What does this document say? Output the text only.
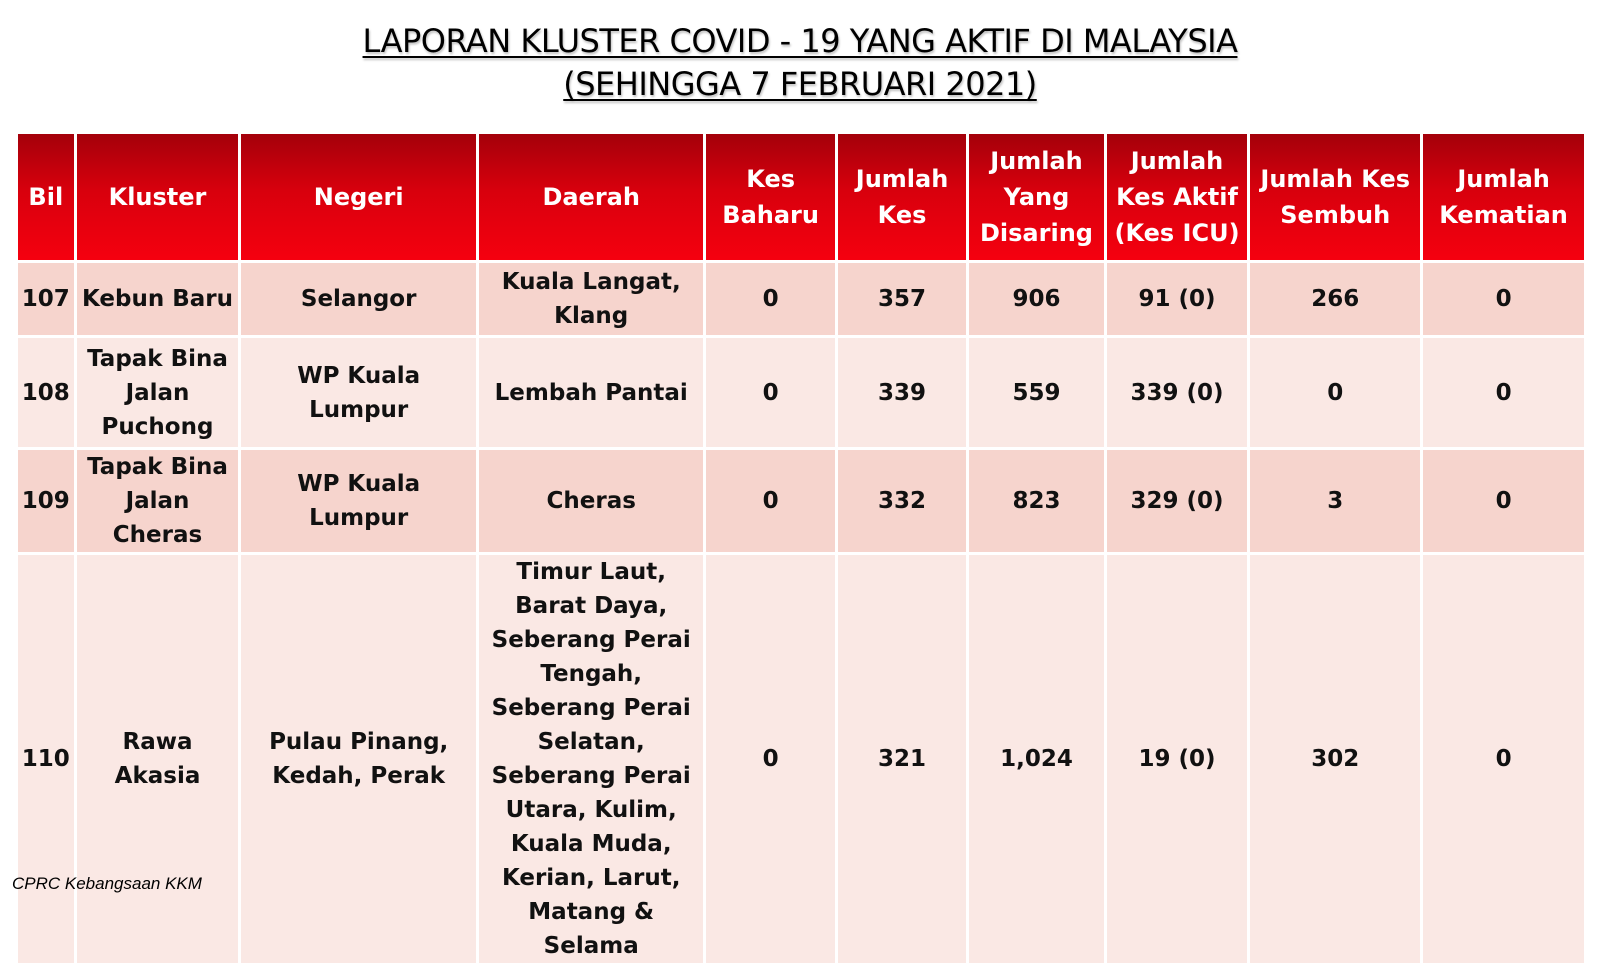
LAPORAN KLUSTER COVID - 19 YANG AKTIF DI MALAYSIA
(SEHINGGA 7 FEBRUARI 2021)
Bil	Kluster	Negeri	Daerah	Kes Baharu	Jumlah Kes	Jumlah Yang Disaring	Jumlah Kes Aktif (Kes ICU)	Jumlah Kes Sembuh	Jumlah Kematian
107	Kebun Baru	Selangor	Kuala Langat, Klang	0	357	906	91 (0)	266	0
108	Tapak Bina Jalan Puchong	WP Kuala Lumpur	Lembah Pantai	0	339	559	339 (0)	0	0
109	Tapak Bina Jalan Cheras	WP Kuala Lumpur	Cheras	0	332	823	329 (0)	3	0
110	Rawa Akasia	Pulau Pinang, Kedah, Perak	Timur Laut, Barat Daya, Seberang Perai Tengah, Seberang Perai Selatan, Seberang Perai Utara, Kulim, Kuala Muda, Kerian, Larut, Matang & Selama	0	321	1,024	19 (0)	302	0
CPRC Kebangsaan KKM
